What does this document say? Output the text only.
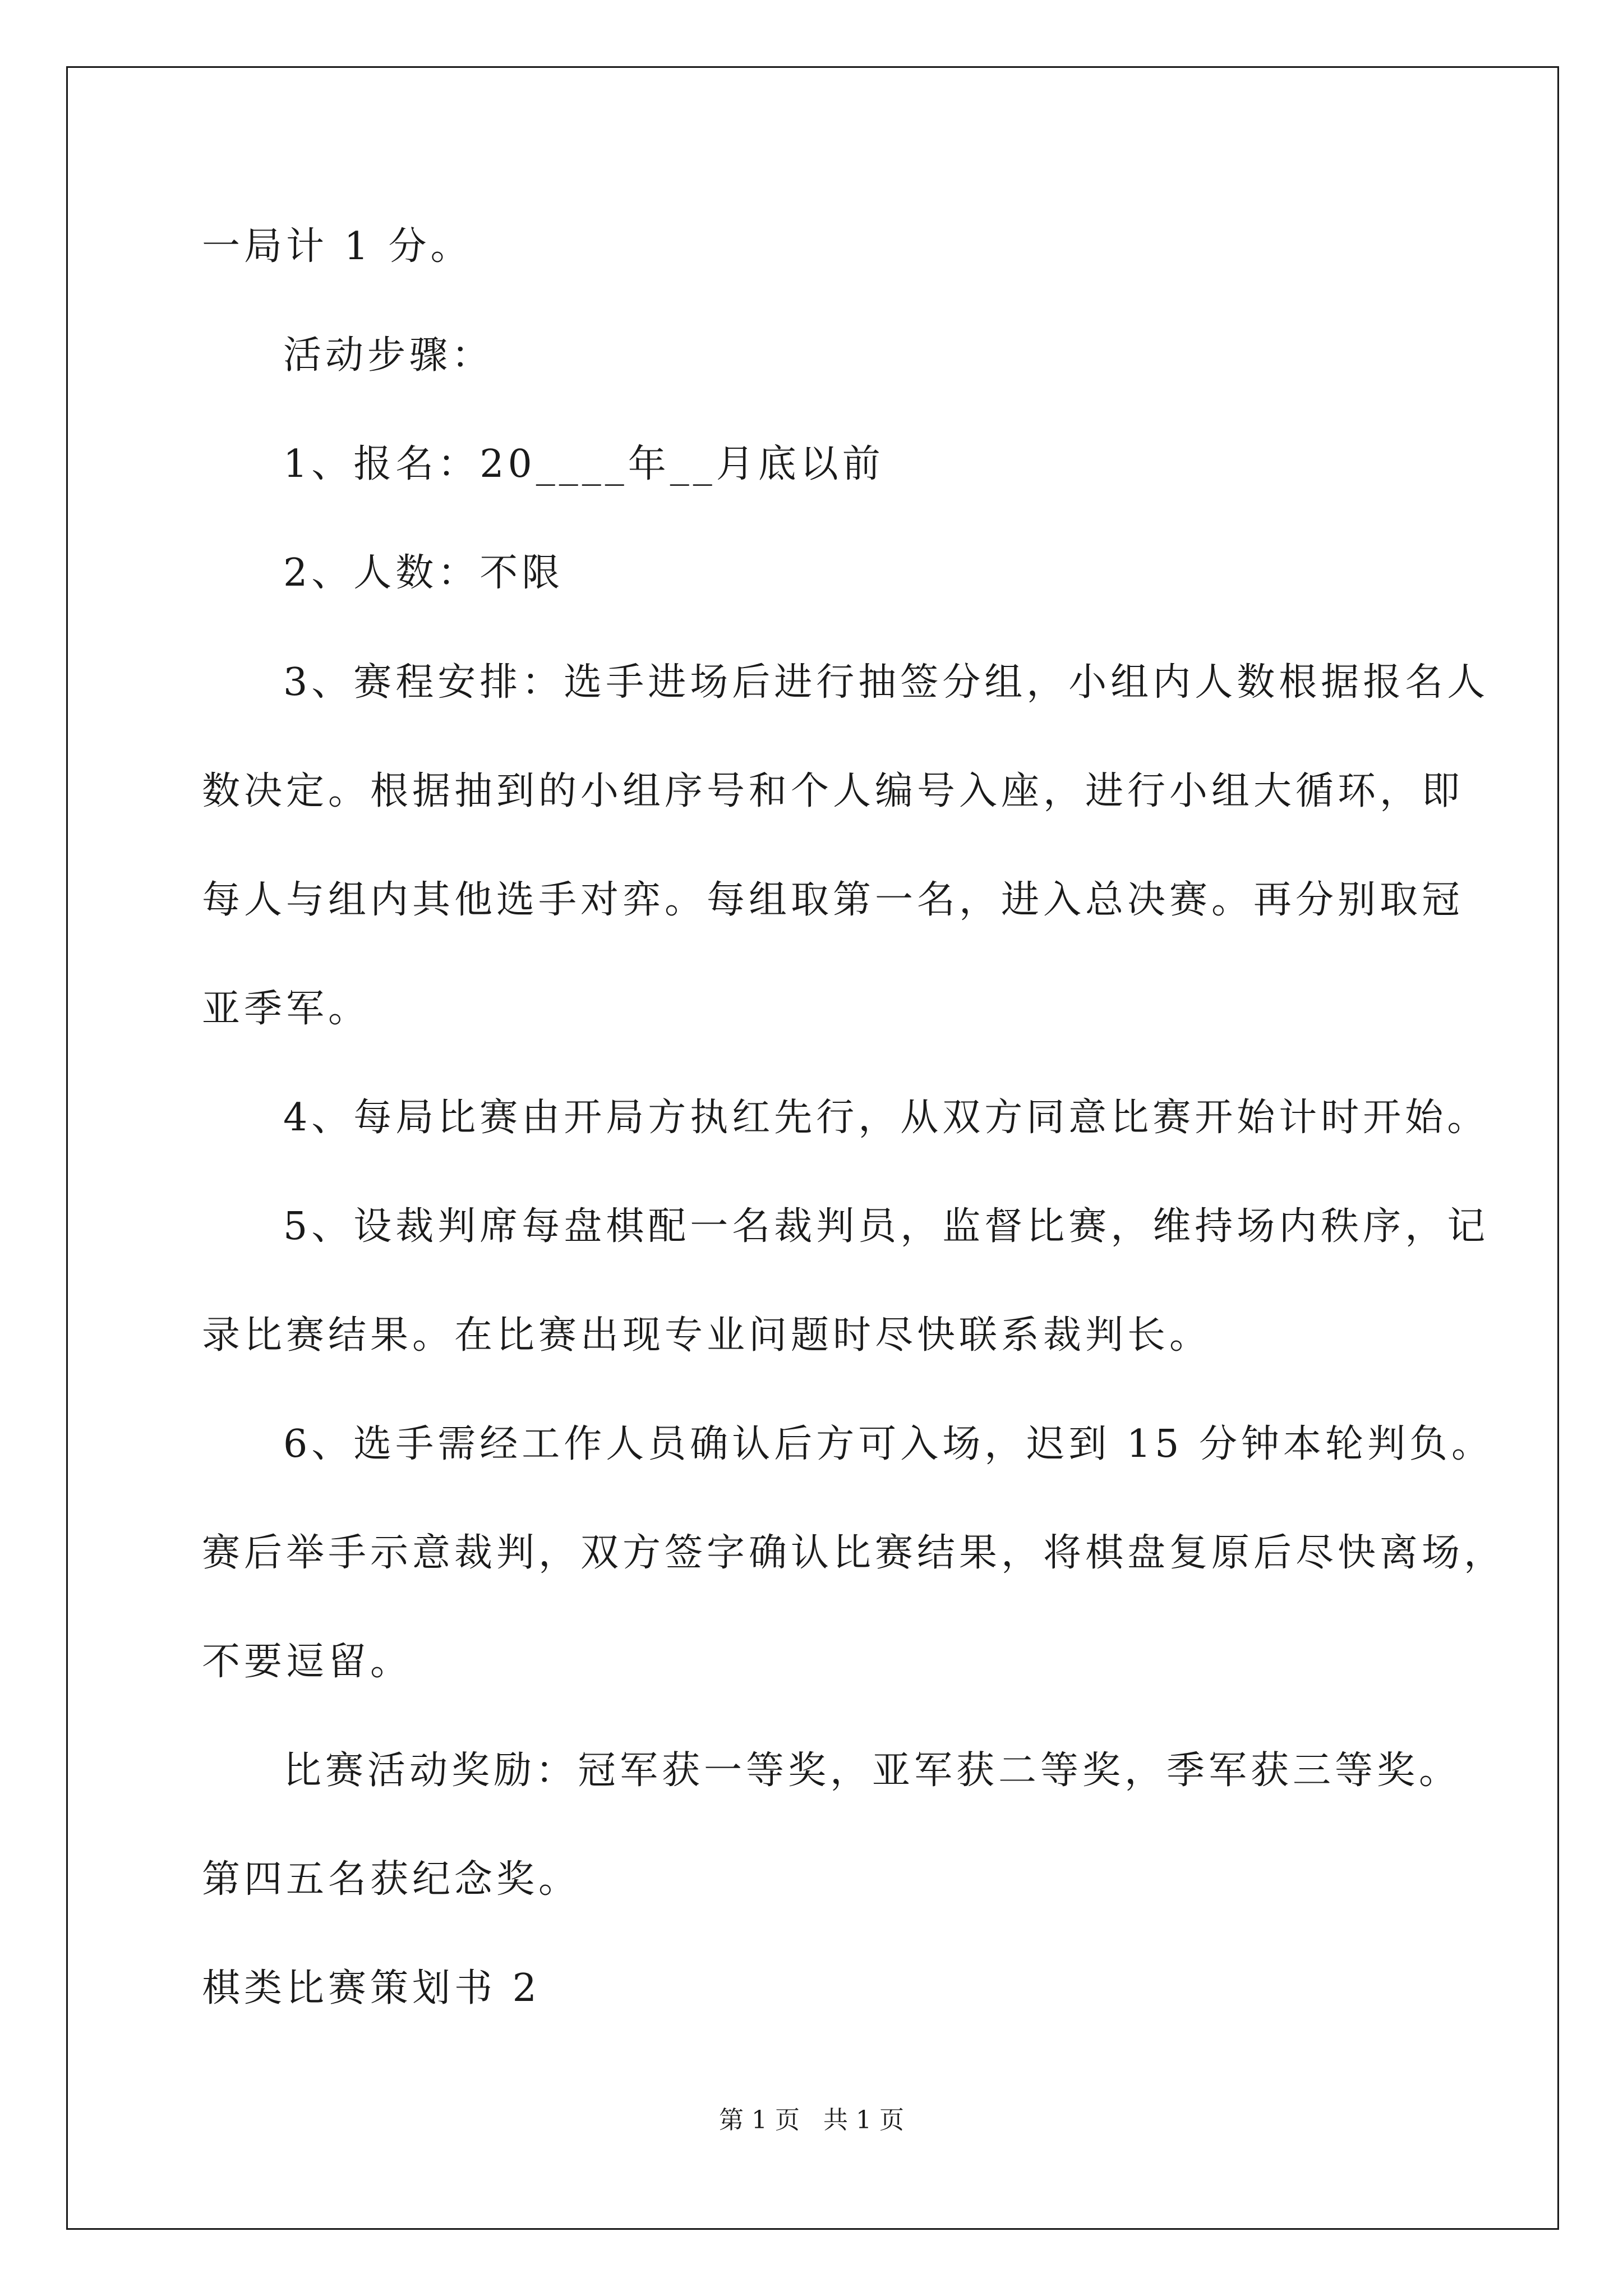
一局计 1 分。

活动步骤：

1、报名：20____年__月底以前

2、人数：不限

3、赛程安排：选手进场后进行抽签分组，小组内人数根据报名人

数决定。根据抽到的小组序号和个人编号入座，进行小组大循环，即

每人与组内其他选手对弈。每组取第一名，进入总决赛。再分别取冠

亚季军。

4、每局比赛由开局方执红先行，从双方同意比赛开始计时开始。

5、设裁判席每盘棋配一名裁判员，监督比赛，维持场内秩序，记

录比赛结果。在比赛出现专业问题时尽快联系裁判长。

6、选手需经工作人员确认后方可入场，迟到 15 分钟本轮判负。

赛后举手示意裁判，双方签字确认比赛结果，将棋盘复原后尽快离场，

不要逗留。

比赛活动奖励：冠军获一等奖，亚军获二等奖，季军获三等奖。

第四五名获纪念奖。

棋类比赛策划书 2

第 1 页   共 1 页
